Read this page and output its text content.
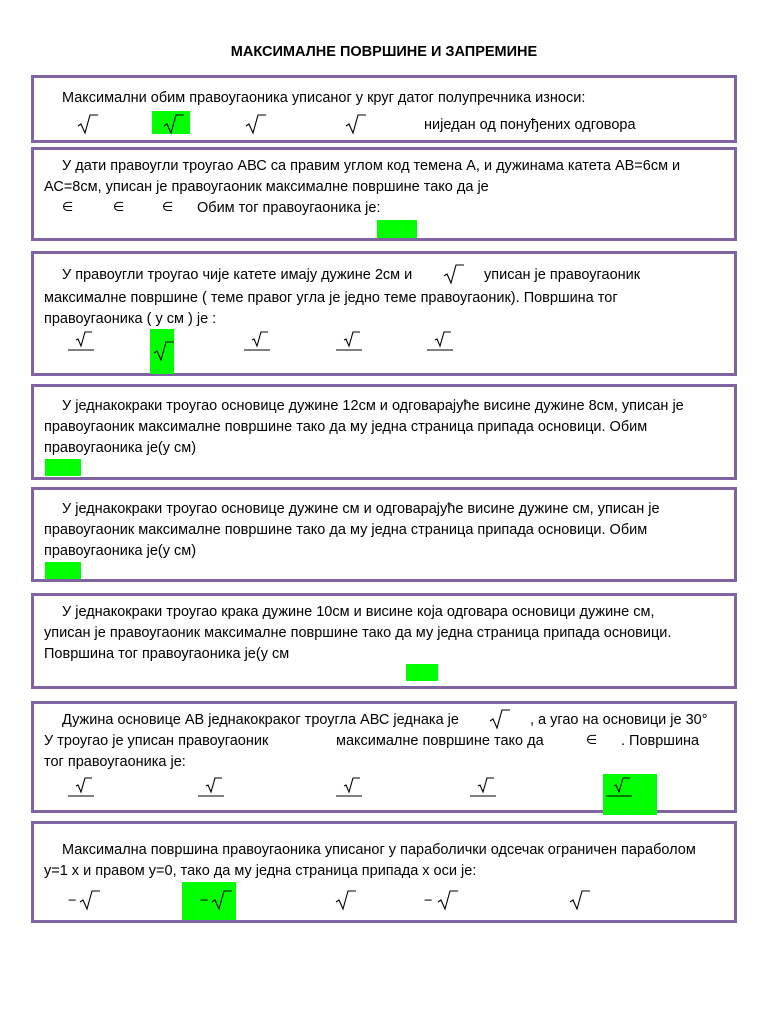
МАКСИМАЛНЕ ПОВРШИНЕ И ЗАПРЕМИНЕ
Максимални обим правоугаоника уписаног у круг датог полупречника износи:
ниједан од понуђених одговора
У дати правоугли троугао АВС са правим углом код темена А, и дужинама катета АВ=6см и
АС=8см, уписан је правоугаоник максималне површине тако да је
∈	∈	∈ Обим тог правоугаоника је:
У правоугли троугао чије катете имају дужине 2см и	уписан је правоугаоник
максималне површине ( теме правог угла је једно теме правоугаоник). Површина тог
правоугаоника ( у см ) је :
У једнакокраки троугао основице дужине 12см и одговарајуће висине дужине 8см, уписан је
правоугаоник максималне површине тако да му једна страница припада основици. Обим
правоугаоника је(у см)
У једнакокраки троугао основице дужине см и одговарајуће висине дужине см, уписан је
правоугаоник максималне површине тако да му једна страница припада основици. Обим
правоугаоника је(у см)
У једнакокраки троугао крака дужине 10см и висине која одговара основици дужине см,
уписан је правоугаоник максималне површине тако да му једна страница припада основици.
Површина тог правоугаоника је(у см
Дужина основице АВ једнакокраког троугла АВС једнака је	, а угао на основици је 30°
У троугао је уписан правоугаоник	максималне површине тако да	∈ . Површина
тог правоугаоника је:
Максимална површина правоугаоника уписаног у параболички одсечак ограничен параболом
y=1 x и правом y=0, тако да му једна страница припада x оси је:
−	−	−
